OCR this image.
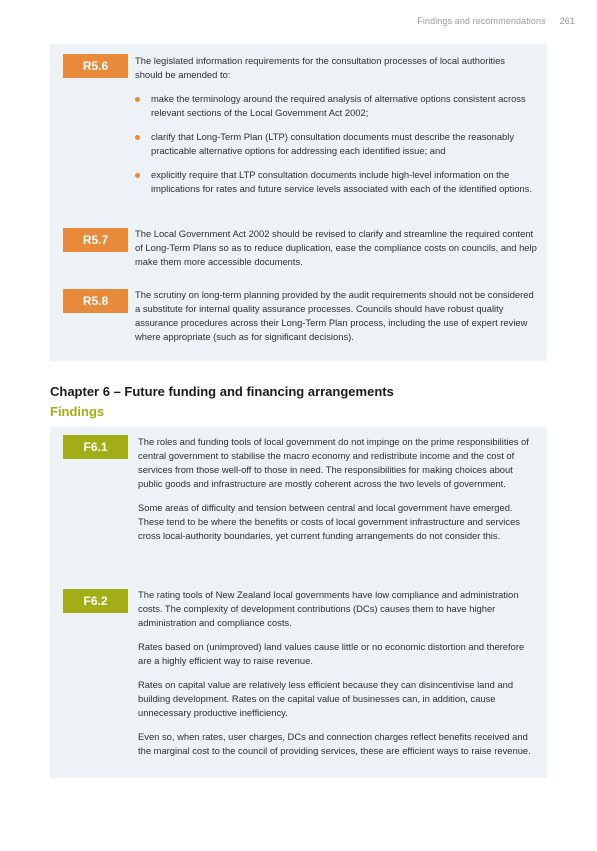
Findings and recommendations 261
R5.6	The legislated information requirements for the consultation processes of local authorities should be amended to:

make the terminology around the required analysis of alternative options consistent across relevant sections of the Local Government Act 2002;
clarify that Long-Term Plan (LTP) consultation documents must describe the reasonably practicable alternative options for addressing each identified issue; and
explicitly require that LTP consultation documents include high-level information on the implications for rates and future service levels associated with each of the identified options.
R5.7	The Local Government Act 2002 should be revised to clarify and streamline the required content of Long-Term Plans so as to reduce duplication, ease the compliance costs on councils, and help make them more accessible documents.
R5.8	The scrutiny on long-term planning provided by the audit requirements should not be considered a substitute for internal quality assurance processes. Councils should have robust quality assurance procedures across their Long-Term Plan process, including the use of expert review where appropriate (such as for significant decisions).
Chapter 6 – Future funding and financing arrangements
Findings
F6.1	The roles and funding tools of local government do not impinge on the prime responsibilities of central government to stabilise the macro economy and redistribute income and the cost of services from those well-off to those in need. The responsibilities for making choices about public goods and infrastructure are mostly coherent across the two levels of government.

Some areas of difficulty and tension between central and local government have emerged. These tend to be where the benefits or costs of local government infrastructure and services cross local-authority boundaries, yet current funding arrangements do not consider this.

F6.2	The rating tools of New Zealand local governments have low compliance and administration costs. The complexity of development contributions (DCs) causes them to have higher administration and compliance costs.

Rates based on (unimproved) land values cause little or no economic distortion and therefore are a highly efficient way to raise revenue.

Rates on capital value are relatively less efficient because they can disincentivise land and building development. Rates on the capital value of businesses can, in addition, cause unnecessary productive inefficiency.

Even so, when rates, user charges, DCs and connection charges reflect benefits received and the marginal cost to the council of providing services, these are efficient ways to raise revenue.
